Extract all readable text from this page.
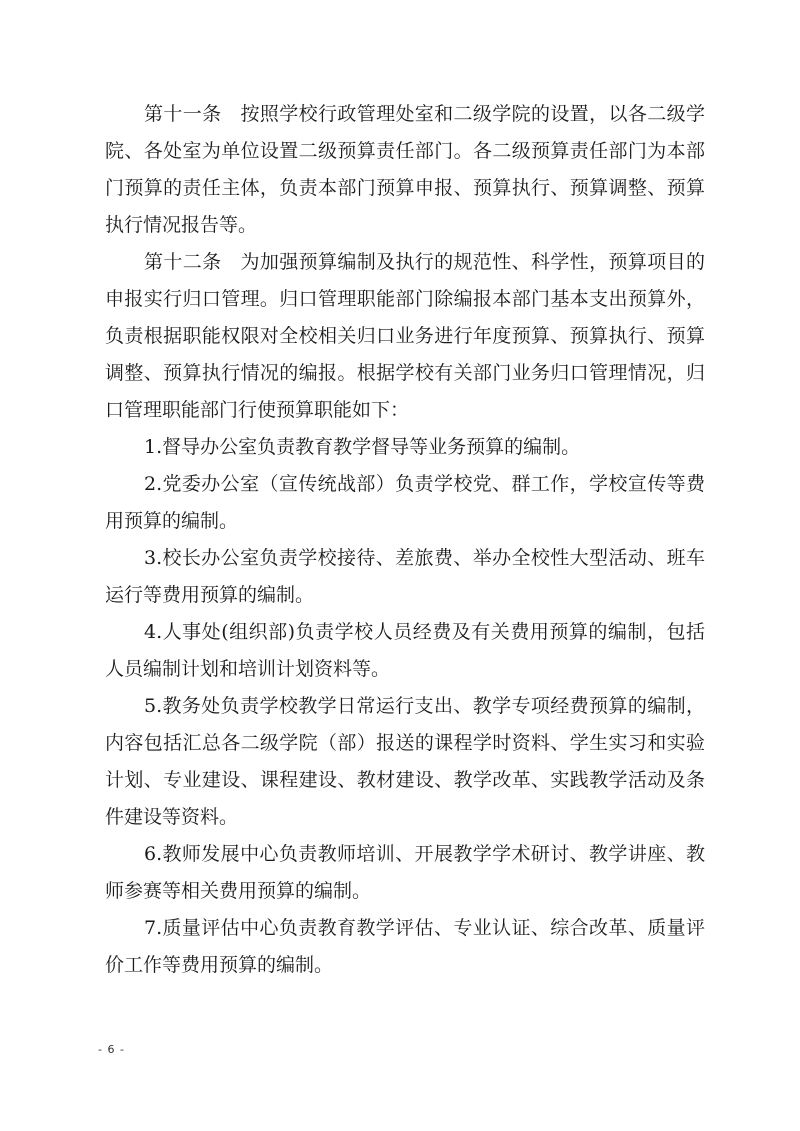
第十一条 按照学校行政管理处室和二级学院的设置，以各二级学院、各处室为单位设置二级预算责任部门。各二级预算责任部门为本部门预算的责任主体，负责本部门预算申报、预算执行、预算调整、预算执行情况报告等。

第十二条 为加强预算编制及执行的规范性、科学性，预算项目的申报实行归口管理。归口管理职能部门除编报本部门基本支出预算外，负责根据职能权限对全校相关归口业务进行年度预算、预算执行、预算调整、预算执行情况的编报。根据学校有关部门业务归口管理情况，归口管理职能部门行使预算职能如下：

1.督导办公室负责教育教学督导等业务预算的编制。

2.党委办公室（宣传统战部）负责学校党、群工作，学校宣传等费用预算的编制。

3.校长办公室负责学校接待、差旅费、举办全校性大型活动、班车运行等费用预算的编制。

4.人事处(组织部)负责学校人员经费及有关费用预算的编制，包括人员编制计划和培训计划资料等。

5.教务处负责学校教学日常运行支出、教学专项经费预算的编制，内容包括汇总各二级学院（部）报送的课程学时资料、学生实习和实验计划、专业建设、课程建设、教材建设、教学改革、实践教学活动及条件建设等资料。

6.教师发展中心负责教师培训、开展教学学术研讨、教学讲座、教师参赛等相关费用预算的编制。

7.质量评估中心负责教育教学评估、专业认证、综合改革、质量评价工作等费用预算的编制。

- 6 -
